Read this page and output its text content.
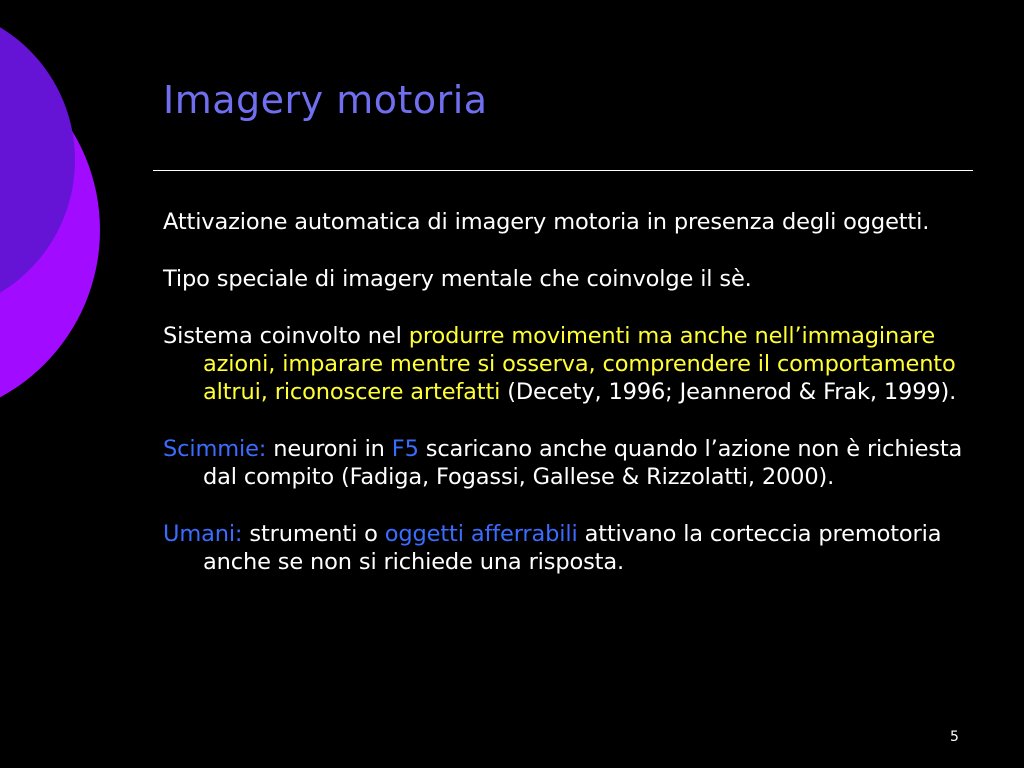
Imagery motoria

Attivazione automatica di imagery motoria in presenza degli oggetti.

Tipo speciale di imagery mentale che coinvolge il sè.

Sistema coinvolto nel produrre movimenti ma anche nell’immaginare azioni, imparare mentre si osserva, comprendere il comportamento altrui, riconoscere artefatti (Decety, 1996; Jeannerod & Frak, 1999).

Scimmie: neuroni in F5 scaricano anche quando l’azione non è richiesta dal compito (Fadiga, Fogassi, Gallese & Rizzolatti, 2000).

Umani: strumenti o oggetti afferrabili attivano la corteccia premotoria anche se non si richiede una risposta.

5
